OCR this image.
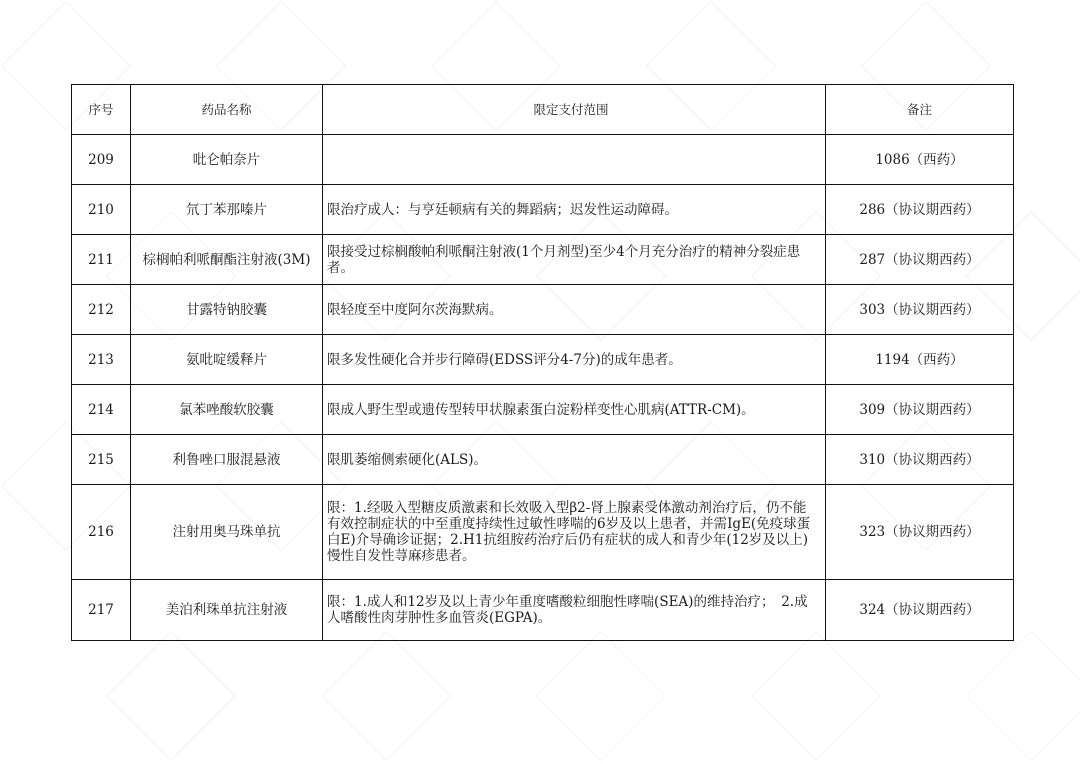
序号	药品名称	限定支付范围	备注
209	吡仑帕奈片		1086（西药）
210	氘丁苯那嗪片	限治疗成人：与亨廷顿病有关的舞蹈病；迟发性运动障碍。	286（协议期西药）
211	棕榈帕利哌酮酯注射液(3M)	限接受过棕榈酸帕利哌酮注射液(1个月剂型)至少4个月充分治疗的精神分裂症患者。	287（协议期西药）
212	甘露特钠胶囊	限轻度至中度阿尔茨海默病。	303（协议期西药）
213	氨吡啶缓释片	限多发性硬化合并步行障碍(EDSS评分4-7分)的成年患者。	1194（西药）
214	氯苯唑酸软胶囊	限成人野生型或遗传型转甲状腺素蛋白淀粉样变性心肌病(ATTR-CM)。	309（协议期西药）
215	利鲁唑口服混悬液	限肌萎缩侧索硬化(ALS)。	310（协议期西药）
216	注射用奥马珠单抗	限：1.经吸入型糖皮质激素和长效吸入型β2-肾上腺素受体激动剂治疗后，仍不能有效控制症状的中至重度持续性过敏性哮喘的6岁及以上患者，并需IgE(免疫球蛋白E)介导确诊证据；2.H1抗组胺药治疗后仍有症状的成人和青少年(12岁及以上)慢性自发性荨麻疹患者。	323（协议期西药）
217	美泊利珠单抗注射液	限：1.成人和12岁及以上青少年重度嗜酸粒细胞性哮喘(SEA)的维持治疗；　2.成人嗜酸性肉芽肿性多血管炎(EGPA)。	324（协议期西药）
